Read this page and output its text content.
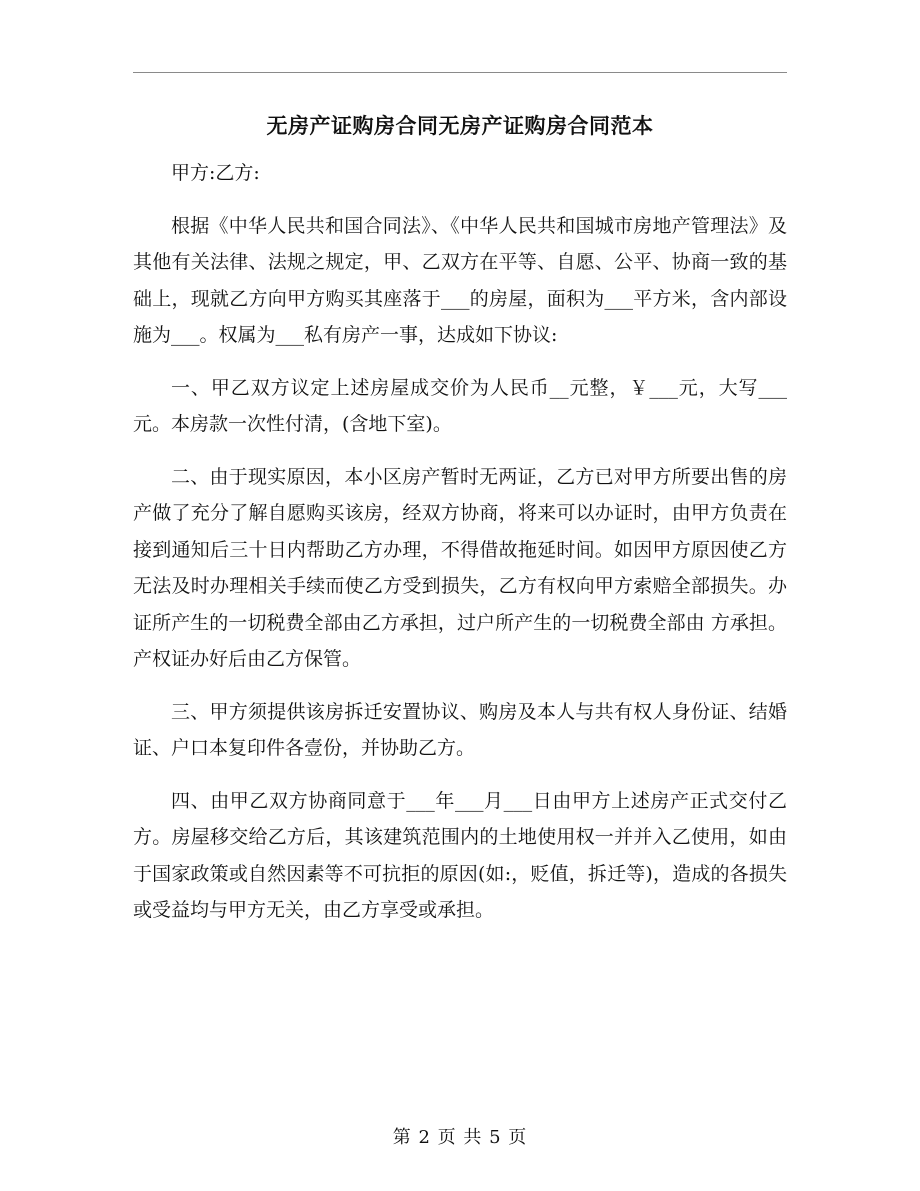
无房产证购房合同无房产证购房合同范本

甲方:乙方:

根据《中华人民共和国合同法》、《中华人民共和国城市房地产管理法》及其他有关法律、法规之规定，甲、乙双方在平等、自愿、公平、协商一致的基础上，现就乙方向甲方购买其座落于___的房屋，面积为___平方米，含内部设施为___。权属为___私有房产一事，达成如下协议:

一、甲乙双方议定上述房屋成交价为人民币__元整，￥___元，大写___元。本房款一次性付清，(含地下室)。

二、由于现实原因，本小区房产暂时无两证，乙方已对甲方所要出售的房产做了充分了解自愿购买该房，经双方协商，将来可以办证时，由甲方负责在接到通知后三十日内帮助乙方办理，不得借故拖延时间。如因甲方原因使乙方无法及时办理相关手续而使乙方受到损失，乙方有权向甲方索赔全部损失。办证所产生的一切税费全部由乙方承担，过户所产生的一切税费全部由 方承担。产权证办好后由乙方保管。

三、甲方须提供该房拆迁安置协议、购房及本人与共有权人身份证、结婚证、户口本复印件各壹份，并协助乙方。

四、由甲乙双方协商同意于___年___月___日由甲方上述房产正式交付乙方。房屋移交给乙方后，其该建筑范围内的土地使用权一并并入乙使用，如由于国家政策或自然因素等不可抗拒的原因(如:，贬值，拆迁等)，造成的各损失或受益均与甲方无关，由乙方享受或承担。

第 2 页 共 5 页
